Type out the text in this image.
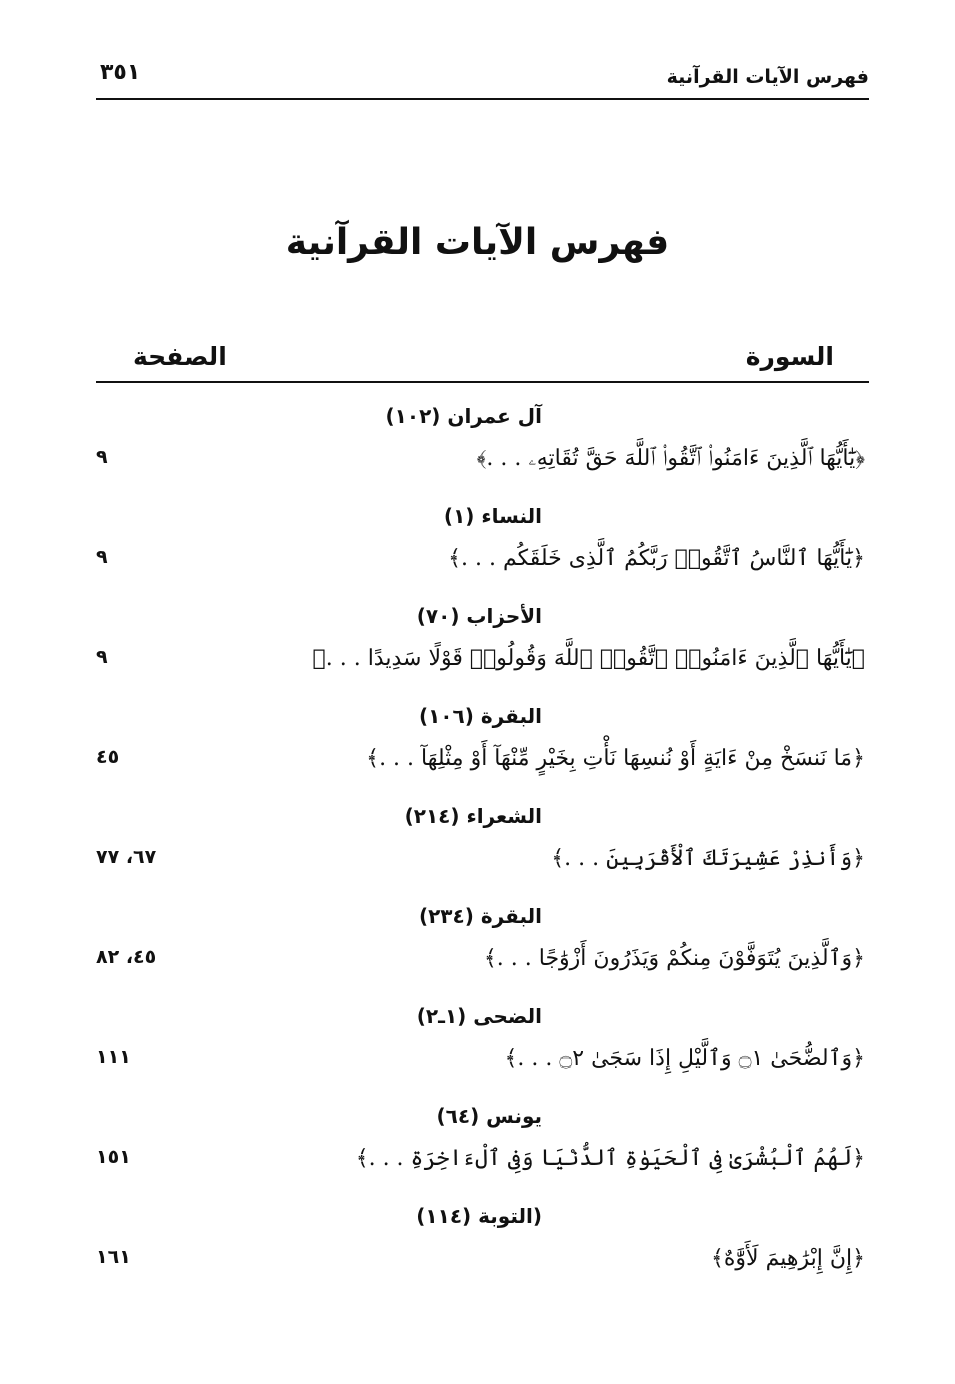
فهرس الآيات القرآنية
٣٥١
فهرس الآيات القرآنية
السورة
الصفحة
آل عمران (١٠٢)
﴿يَٰٓأَيُّهَا ٱلَّذِينَ ءَامَنُوا۟ ٱتَّقُوا۟ ٱللَّهَ حَقَّ تُقَاتِهِۦ . . .﴾
٩
النساء (١)
﴿يَٰٓأَيُّهَا ٱلنَّاسُ ٱتَّقُوا۟ رَبَّكُمُ ٱلَّذِى خَلَقَكُم . . .﴾
٩
الأحزاب (٧٠)
﴿يَٰٓأَيُّهَا ٱلَّذِينَ ءَامَنُوا۟ ٱتَّقُوا۟ ٱللَّهَ وَقُولُوا۟ قَوْلًا سَدِيدًا . . .﴾
٩
البقرة (١٠٦)
﴿مَا نَنسَخْ مِنْ ءَايَةٍ أَوْ نُنسِهَا نَأْتِ بِخَيْرٍ مِّنْهَآ أَوْ مِثْلِهَآ . . .﴾
٤٥
الشعراء (٢١٤)
﴿وَأَنذِرْ عَشِيرَتَكَ ٱلْأَقْرَبِينَ . . .﴾
٦٧، ٧٧
البقرة (٢٣٤)
﴿وَٱلَّذِينَ يُتَوَفَّوْنَ مِنكُمْ وَيَذَرُونَ أَزْوَٰجًا . . .﴾
٤٥، ٨٢
الضحى (١ـ٢)
﴿وَٱلضُّحَىٰ ۝١ وَٱلَّيْلِ إِذَا سَجَىٰ ۝٢ . . .﴾
١١١
يونس (٦٤)
﴿لَهُمُ ٱلْبُشْرَىٰ فِى ٱلْحَيَوٰةِ ٱلدُّنْيَا وَفِى ٱلْءَاخِرَةِ . . .﴾
١٥١
(التوبة (١١٤)
﴿إِنَّ إِبْرَٰهِيمَ لَأَوَّٰهٌ﴾
١٦١
